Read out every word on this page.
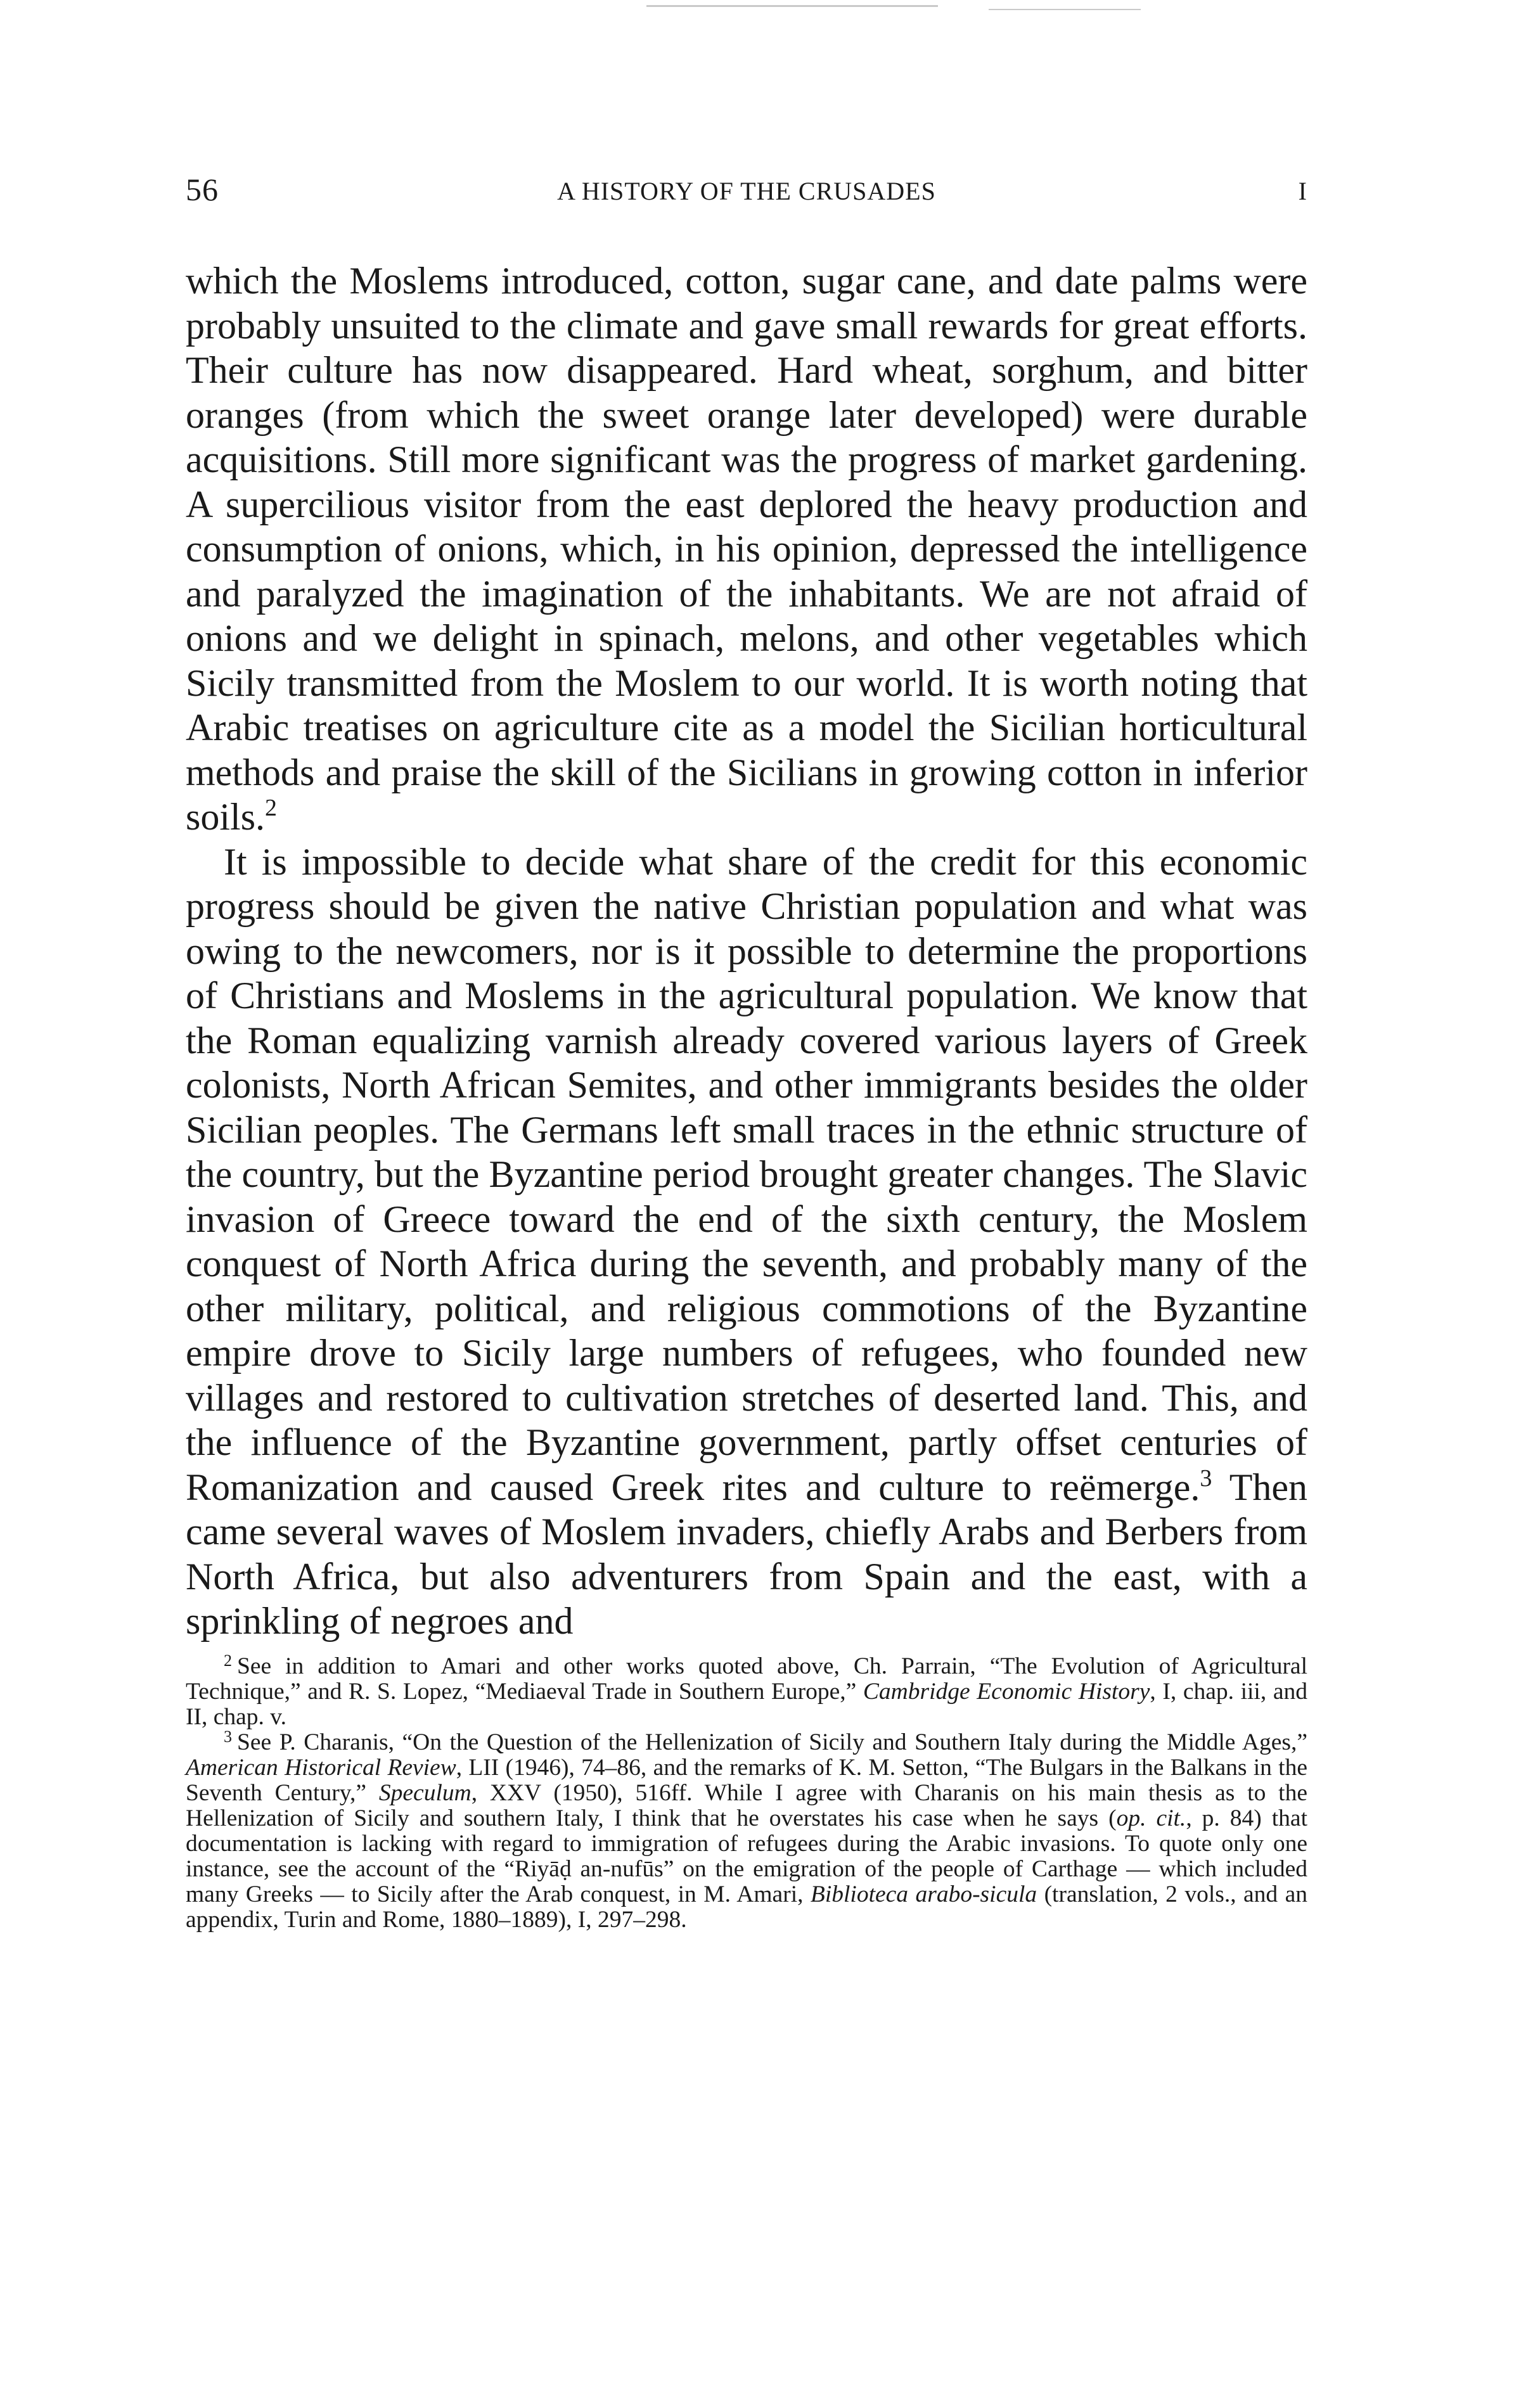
56	A HISTORY OF THE CRUSADES	I

which the Moslems introduced, cotton, sugar cane, and date palms were probably unsuited to the climate and gave small rewards for great efforts. Their culture has now disappeared. Hard wheat, sorghum, and bitter oranges (from which the sweet orange later developed) were durable acquisitions. Still more significant was the progress of market gardening. A supercilious visitor from the east deplored the heavy production and consumption of onions, which, in his opinion, depressed the intelligence and paralyzed the imagination of the inhabitants. We are not afraid of onions and we delight in spinach, melons, and other vegetables which Sicily transmitted from the Moslem to our world. It is worth noting that Arabic treatises on agriculture cite as a model the Sicilian horticultural methods and praise the skill of the Sicilians in growing cotton in inferior soils.$^2$

It is impossible to decide what share of the credit for this economic progress should be given the native Christian population and what was owing to the newcomers, nor is it possible to determine the proportions of Christians and Moslems in the agricultural population. We know that the Roman equalizing varnish already covered various layers of Greek colonists, North African Semites, and other immigrants besides the older Sicilian peoples. The Germans left small traces in the ethnic structure of the country, but the Byzantine period brought greater changes. The Slavic invasion of Greece toward the end of the sixth century, the Moslem conquest of North Africa during the seventh, and probably many of the other military, political, and religious commotions of the Byzantine empire drove to Sicily large numbers of refugees, who founded new villages and restored to cultivation stretches of deserted land. This, and the influence of the Byzantine government, partly offset centuries of Romanization and caused Greek rites and culture to reëmerge.$^3$ Then came several waves of Moslem invaders, chiefly Arabs and Berbers from North Africa, but also adventurers from Spain and the east, with a sprinkling of negroes and

$^2$ See in addition to Amari and other works quoted above, Ch. Parrain, “The Evolution of Agricultural Technique,” and R. S. Lopez, “Mediaeval Trade in Southern Europe,” Cambridge Economic History, I, chap. iii, and II, chap. v.

$^3$ See P. Charanis, “On the Question of the Hellenization of Sicily and Southern Italy during the Middle Ages,” American Historical Review, LII (1946), 74–86, and the remarks of K. M. Setton, “The Bulgars in the Balkans in the Seventh Century,” Speculum, XXV (1950), 516ff. While I agree with Charanis on his main thesis as to the Hellenization of Sicily and southern Italy, I think that he overstates his case when he says (op. cit., p. 84) that documentation is lacking with regard to immigration of refugees during the Arabic invasions. To quote only one instance, see the account of the “Riyāḍ an-nufūs” on the emigration of the people of Carthage — which included many Greeks — to Sicily after the Arab conquest, in M. Amari, Biblioteca arabo-sicula (translation, 2 vols., and an appendix, Turin and Rome, 1880–1889), I, 297–298.
